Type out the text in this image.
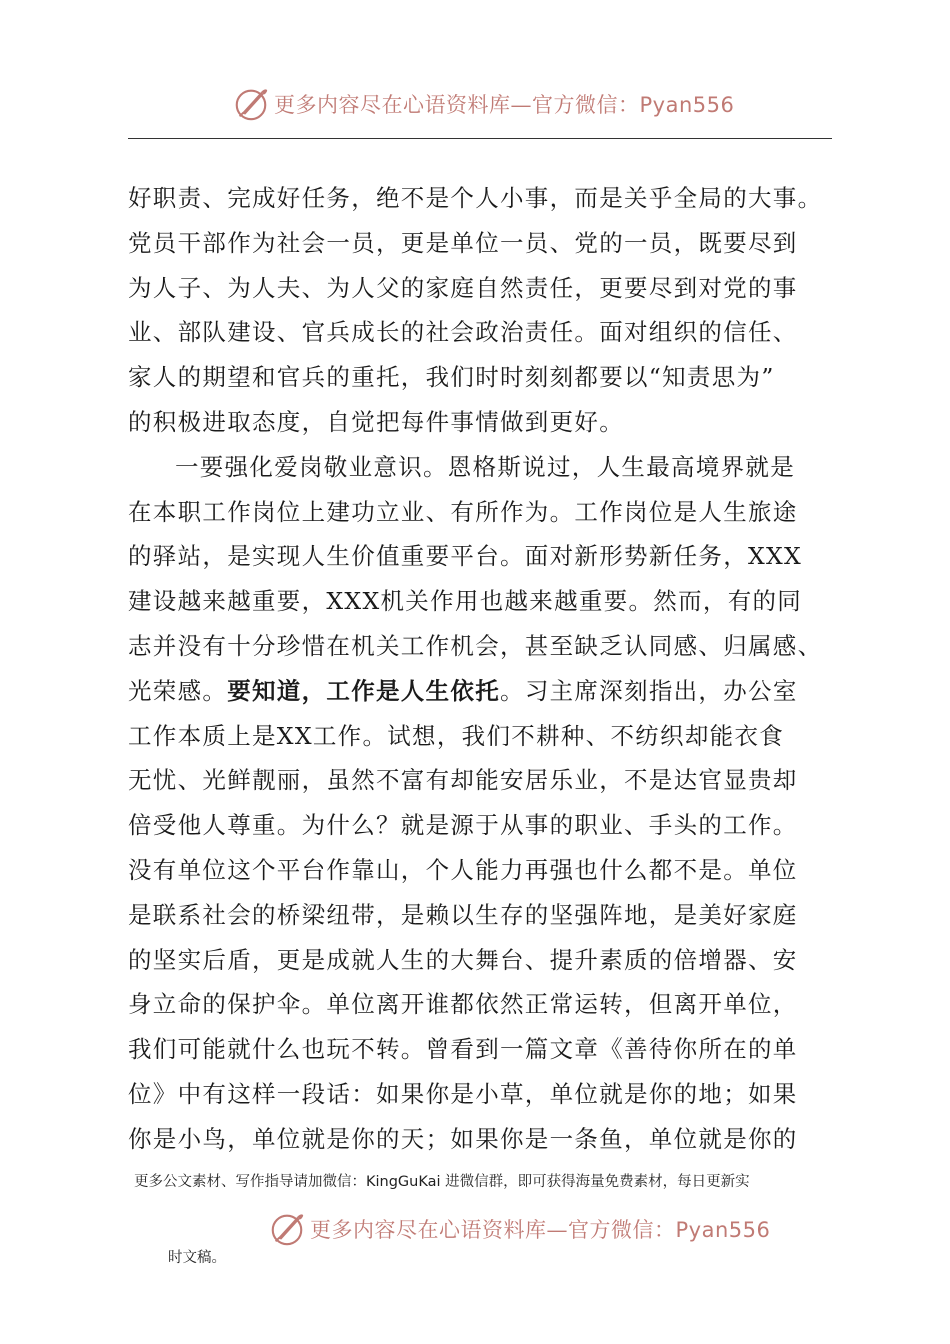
更多内容尽在心语资料库—官方微信：Pyan556

好职责、完成好任务，绝不是个人小事，而是关乎全局的大事。

党员干部作为社会一员，更是单位一员、党的一员，既要尽到

为人子、为人夫、为人父的家庭自然责任，更要尽到对党的事

业、部队建设、官兵成长的社会政治责任。面对组织的信任、

家人的期望和官兵的重托，我们时时刻刻都要以“知责思为”

的积极进取态度，自觉把每件事情做到更好。

一要强化爱岗敬业意识。恩格斯说过，人生最高境界就是

在本职工作岗位上建功立业、有所作为。工作岗位是人生旅途

的驿站，是实现人生价值重要平台。面对新形势新任务，XXX

建设越来越重要，XXX机关作用也越来越重要。然而，有的同

志并没有十分珍惜在机关工作机会，甚至缺乏认同感、归属感、

光荣感。要知道，工作是人生依托。习主席深刻指出，办公室

工作本质上是XX工作。试想，我们不耕种、不纺织却能衣食

无忧、光鲜靓丽，虽然不富有却能安居乐业，不是达官显贵却

倍受他人尊重。为什么？就是源于从事的职业、手头的工作。

没有单位这个平台作靠山，个人能力再强也什么都不是。单位

是联系社会的桥梁纽带，是赖以生存的坚强阵地，是美好家庭

的坚实后盾，更是成就人生的大舞台、提升素质的倍增器、安

身立命的保护伞。单位离开谁都依然正常运转，但离开单位，

我们可能就什么也玩不转。曾看到一篇文章《善待你所在的单

位》中有这样一段话：如果你是小草，单位就是你的地；如果

你是小鸟，单位就是你的天；如果你是一条鱼，单位就是你的

更多公文素材、写作指导请加微信：KingGuKai 进微信群，即可获得海量免费素材，每日更新实
更多内容尽在心语资料库—官方微信：Pyan556
时文稿。
